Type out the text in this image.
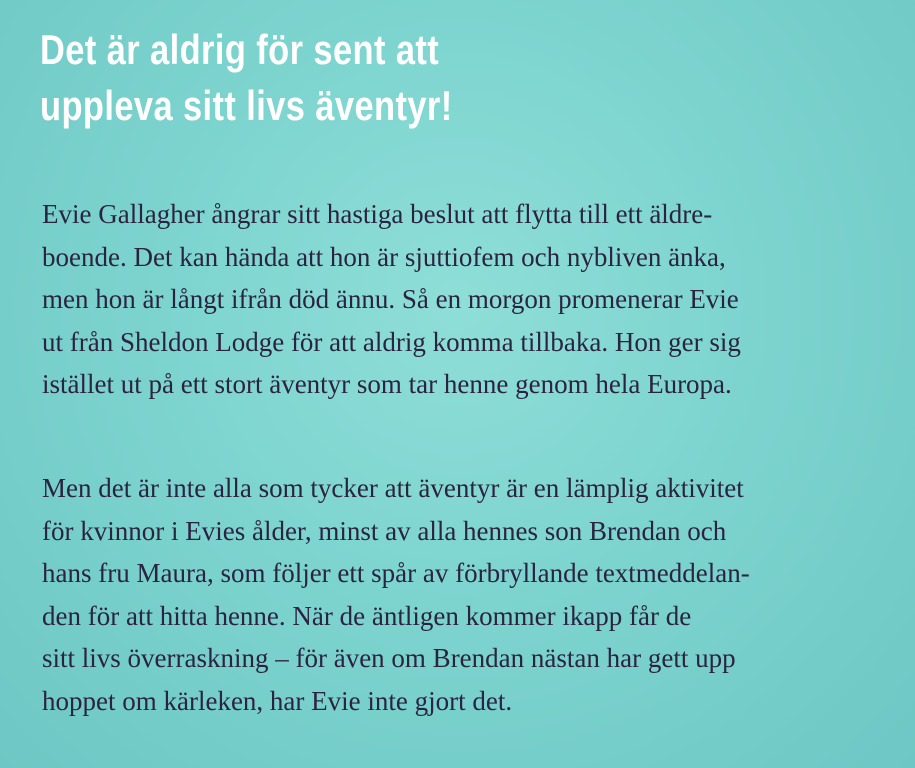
Det är aldrig för sent att
uppleva sitt livs äventyr!

Evie Gallagher ångrar sitt hastiga beslut att flytta till ett äldre-
boende. Det kan hända att hon är sjuttiofem och nybliven änka,
men hon är långt ifrån död ännu. Så en morgon promenerar Evie
ut från Sheldon Lodge för att aldrig komma tillbaka. Hon ger sig
istället ut på ett stort äventyr som tar henne genom hela Europa.

Men det är inte alla som tycker att äventyr är en lämplig aktivitet
för kvinnor i Evies ålder, minst av alla hennes son Brendan och
hans fru Maura, som följer ett spår av förbryllande textmeddelan-
den för att hitta henne. När de äntligen kommer ikapp får de
sitt livs överraskning – för även om Brendan nästan har gett upp
hoppet om kärleken, har Evie inte gjort det.
